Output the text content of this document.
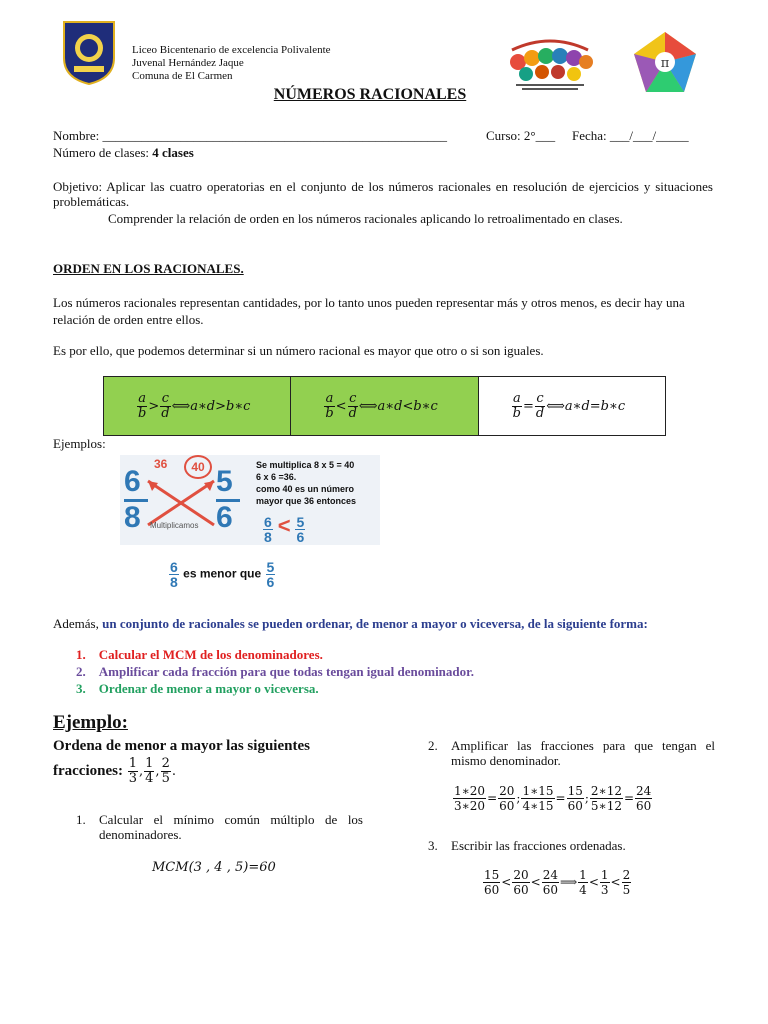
Liceo Bicentenario de excelencia Polivalente
Juvenal Hernández Jaque
Comuna de El Carmen
π
NÚMEROS RACIONALES
Nombre: _____________________________________________________	Curso: 2°___ Fecha: ___/___/_____
Número de clases: 4 clases
Objetivo: Aplicar las cuatro operatorias en el conjunto de los números racionales en resolución de ejercicios y situaciones problemáticas.
Comprender la relación de orden en los números racionales aplicando lo retroalimentado en clases.
ORDEN EN LOS RACIONALES.
Los números racionales representan cantidades, por lo tanto unos pueden representar más y otros menos, es decir hay una relación de orden entre ellos.
Es por ello, que podemos determinar si un número racional es mayor que otro o si son iguales.
$\frac{a}{b} > \frac{c}{d}$ ⟺a∗d>b∗c	$\frac{a}{b} < \frac{c}{d}$ ⟺a∗d<b∗c	$\frac{a}{b} = \frac{c}{d}$ ⟺a∗d=b∗c
Ejemplos:
6
8
5
6
36	40
Multiplicamos
Se multiplica 8 x 5 = 40
6 x 6 =36.
como 40 es un número
mayor que 36 entonces
$\frac{6}{8} < \frac{5}{6}$
$\frac{6}{8}$ es menor que $\frac{5}{6}$
Además, un conjunto de racionales se pueden ordenar, de menor a mayor o viceversa, de la siguiente forma:
1. Calcular el MCM de los denominadores.
2. Amplificar cada fracción para que todas tengan igual denominador.
3. Ordenar de menor a mayor o viceversa.
Ejemplo:
Ordena de menor a mayor las siguientes
fracciones: $\frac{1}{3}$ , $\frac{1}{4}$ , $\frac{2}{5}$ .
1. Calcular el mínimo común múltiplo de los denominadores.
MCM(3 , 4 , 5)=60
2. Amplificar las fracciones para que tengan el mismo denominador.
$\frac{1∗20}{3∗20} = \frac{20}{60}$ ; $\frac{1∗15}{4∗15} = \frac{15}{60}$ ; $\frac{2∗12}{5∗12} = \frac{24}{60}$
3. Escribir las fracciones ordenadas.
$\frac{15}{60} < \frac{20}{60} < \frac{24}{60}$ ⟹ $\frac{1}{4} < \frac{1}{3} < \frac{2}{5}$
